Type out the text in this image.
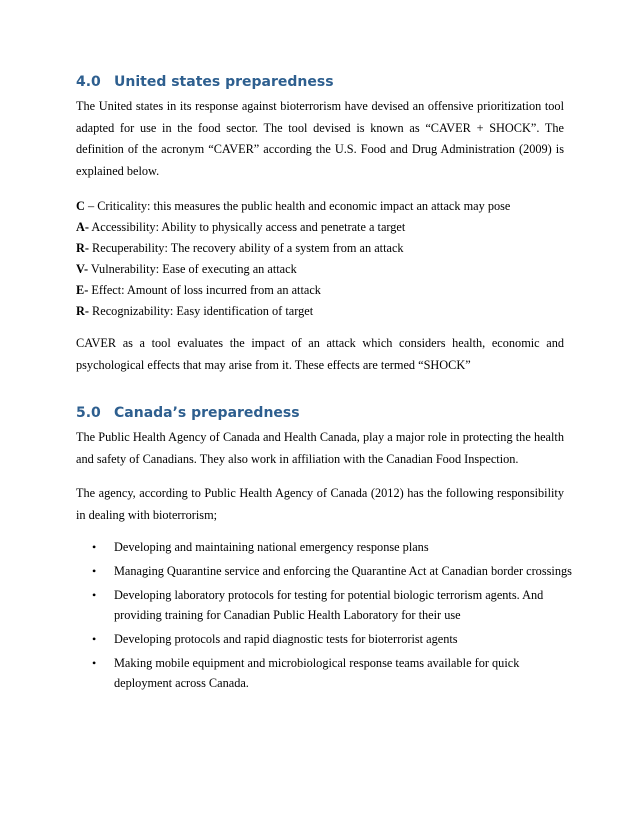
4.0 United states preparedness
The United states in its response against bioterrorism have devised an offensive prioritization tool adapted for use in the food sector. The tool devised is known as “CAVER + SHOCK”. The definition of the acronym “CAVER” according the U.S. Food and Drug Administration (2009) is explained below.
C – Criticality: this measures the public health and economic impact an attack may pose
A- Accessibility: Ability to physically access and penetrate a target
R- Recuperability: The recovery ability of a system from an attack
V- Vulnerability: Ease of executing an attack
E- Effect: Amount of loss incurred from an attack
R- Recognizability: Easy identification of target
CAVER as a tool evaluates the impact of an attack which considers health, economic and psychological effects that may arise from it. These effects are termed “SHOCK”
5.0 Canada’s preparedness
The Public Health Agency of Canada and Health Canada, play a major role in protecting the health and safety of Canadians. They also work in affiliation with the Canadian Food Inspection.
The agency, according to Public Health Agency of Canada (2012) has the following responsibility in dealing with bioterrorism;
• Developing and maintaining national emergency response plans
• Managing Quarantine service and enforcing the Quarantine Act at Canadian border crossings
• Developing laboratory protocols for testing for potential biologic terrorism agents. And providing training for Canadian Public Health Laboratory for their use
• Developing protocols and rapid diagnostic tests for bioterrorist agents
• Making mobile equipment and microbiological response teams available for quick deployment across Canada.
